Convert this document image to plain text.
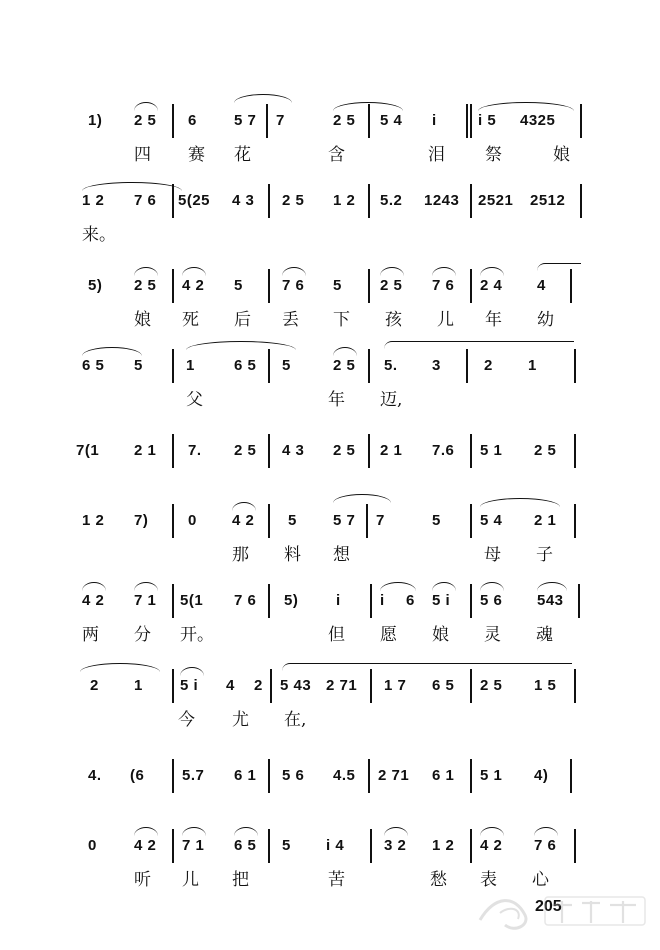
1) 2 5 6 5 7 7	2 5 5 4 i	i 5 4325
四 赛 花	含	泪 祭	娘
1 2 7 6 5(25 4 3 2 5 1 2 5.2 1243 2521 2512
来。
5) 2 5 4 2 5	7 6 5	2 5 7 6 2 4 4
娘 死 后 丢 下 孩 儿 年 幼
6 5 5	1	6 5 5	2 5 5. 3	2 1
父	年 迈,
7(1 2 1 7. 2 5 4 3 2 5 2 1 7.6 5 1 2 5
1 2 7)	0 4 2 5 5 7 7	5	5 4 2 1
那 料 想	母 子
4 2 7 1 5(1 7 6 5)	i	i 6 5 i 5 6 543
两 分 开。	但 愿 娘 灵 魂
2 1 5 i 4 2 5 43 2 71 1 7 6 5 2 5 1 5
今 尤 在,
4. (6	5.7 6 1 5 6 4.5 2 71 6 1 5 1 4)
0 4 2 7 1 6 5 5 i 4	3 2 1 2 4 2 7 6
听 儿 把	苦	愁 表 心
205
